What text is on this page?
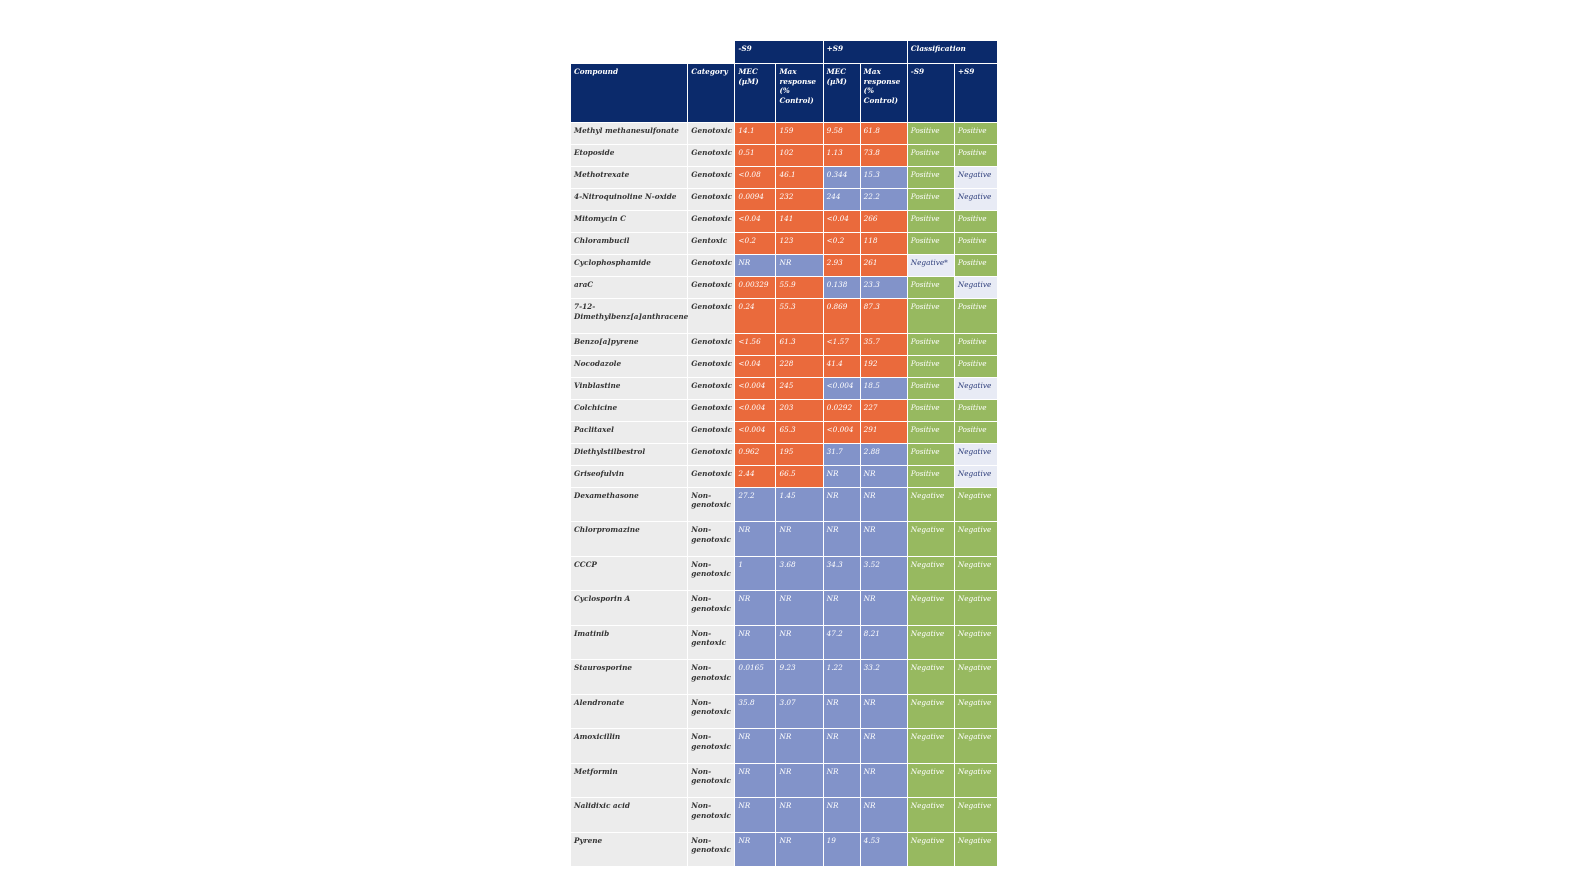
		-S9		+S9		Classification	
Compound	Category	MEC (µM)	Max response (% Control)	MEC (µM)	Max response (% Control)	-S9	+S9
Methyl methanesulfonate	Genotoxic	14.1	159	9.58	61.8	Positive	Positive
Etoposide	Genotoxic	0.51	102	1.13	73.8	Positive	Positive
Methotrexate	Genotoxic	<0.08	46.1	0.344	15.3	Positive	Negative
4-Nitroquinoline N-oxide	Genotoxic	0.0094	232	244	22.2	Positive	Negative
Mitomycin C	Genotoxic	<0.04	141	<0.04	266	Positive	Positive
Chlorambucil	Gentoxic	<0.2	123	<0.2	118	Positive	Positive
Cyclophosphamide	Genotoxic	NR	NR	2.93	261	Negative*	Positive
araC	Genotoxic	0.00329	55.9	0.138	23.3	Positive	Negative
7-12-Dimethylbenz[a]anthracene	Genotoxic	0.24	55.3	0.869	87.3	Positive	Positive
Benzo[a]pyrene	Genotoxic	<1.56	61.3	<1.57	35.7	Positive	Positive
Nocodazole	Genotoxic	<0.04	228	41.4	192	Positive	Positive
Vinblastine	Genotoxic	<0.004	245	<0.004	18.5	Positive	Negative
Colchicine	Genotoxic	<0.004	203	0.0292	227	Positive	Positive
Paclitaxel	Genotoxic	<0.004	65.3	<0.004	291	Positive	Positive
Diethylstilbestrol	Genotoxic	0.962	195	31.7	2.88	Positive	Negative
Griseofulvin	Genotoxic	2.44	66.5	NR	NR	Positive	Negative
Dexamethasone	Non-genotoxic	27.2	1.45	NR	NR	Negative	Negative
Chlorpromazine	Non-genotoxic	NR	NR	NR	NR	Negative	Negative
CCCP	Non-genotoxic	1	3.68	34.3	3.52	Negative	Negative
Cyclosporin A	Non-genotoxic	NR	NR	NR	NR	Negative	Negative
Imatinib	Non-gentoxic	NR	NR	47.2	8.21	Negative	Negative
Staurosporine	Non-genotoxic	0.0165	9.23	1.22	33.2	Negative	Negative
Alendronate	Non-genotoxic	35.8	3.07	NR	NR	Negative	Negative
Amoxicillin	Non-genotoxic	NR	NR	NR	NR	Negative	Negative
Metformin	Non-genotoxic	NR	NR	NR	NR	Negative	Negative
Nalidixic acid	Non-genotoxic	NR	NR	NR	NR	Negative	Negative
Pyrene	Non-genotoxic	NR	NR	19	4.53	Negative	Negative
